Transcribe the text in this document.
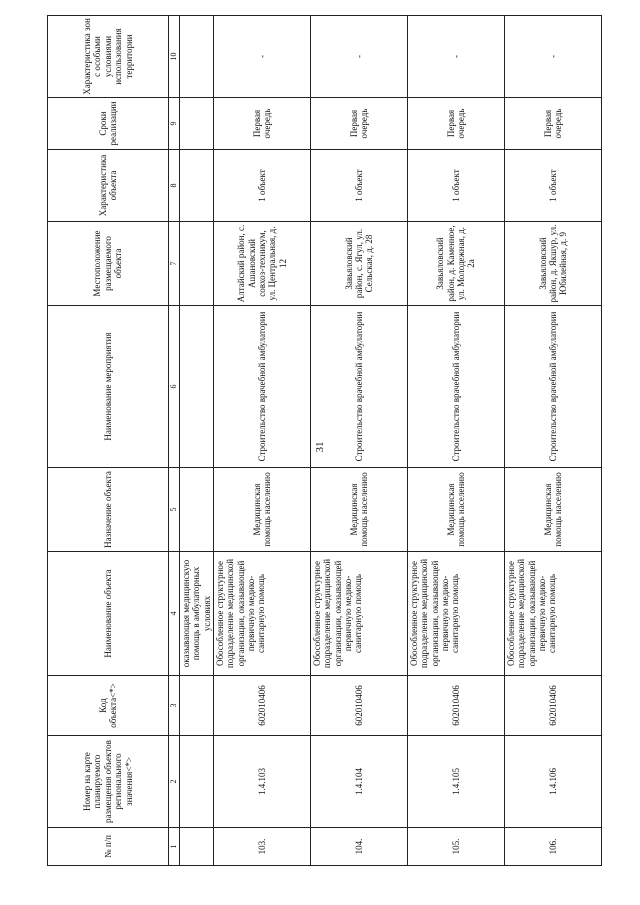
31
№ п/п	Номер на карте планируемого размещения объектов регионального значения<*>	Код объекта<*>	Наименование объекта	Назначение объекта	Наименование мероприятия	Местоположение размещаемого объекта	Характеристика объекта	Сроки реализации	Характеристика зон с особыми условиями использования территории
1	2	3	4	5	6	7	8	9	10
			оказывающая медицинскую помощь в амбулаторных условиях						
103.	1.4.103	602010406	Обособленное структурное подразделение медицинской организации, оказывающей первичную медико-санитарную помощь	Медицинская помощь населению	Строительство врачебной амбулатории	Алтайский район, с. Ашановский совхоз-техникум, ул. Центральная, д. 12	1 объект	Первая очередь	-
104.	1.4.104	602010406	Обособленное структурное подразделение медицинской организации, оказывающей первичную медико-санитарную помощь	Медицинская помощь населению	Строительство врачебной амбулатории	Завьяловский район, с. Ягул, ул. Сельская, д. 28	1 объект	Первая очередь	-
105.	1.4.105	602010406	Обособленное структурное подразделение медицинской организации, оказывающей первичную медико-санитарную помощь	Медицинская помощь населению	Строительство врачебной амбулатории	Завьяловский район, д. Каменное, ул. Молодежная, д. 2а	1 объект	Первая очередь	-
106.	1.4.106	602010406	Обособленное структурное подразделение медицинской организации, оказывающей первичную медико-санитарную помощь	Медицинская помощь населению	Строительство врачебной амбулатории	Завьяловский район, д. Якшур, ул. Юбилейная, д. 9	1 объект	Первая очередь	-
